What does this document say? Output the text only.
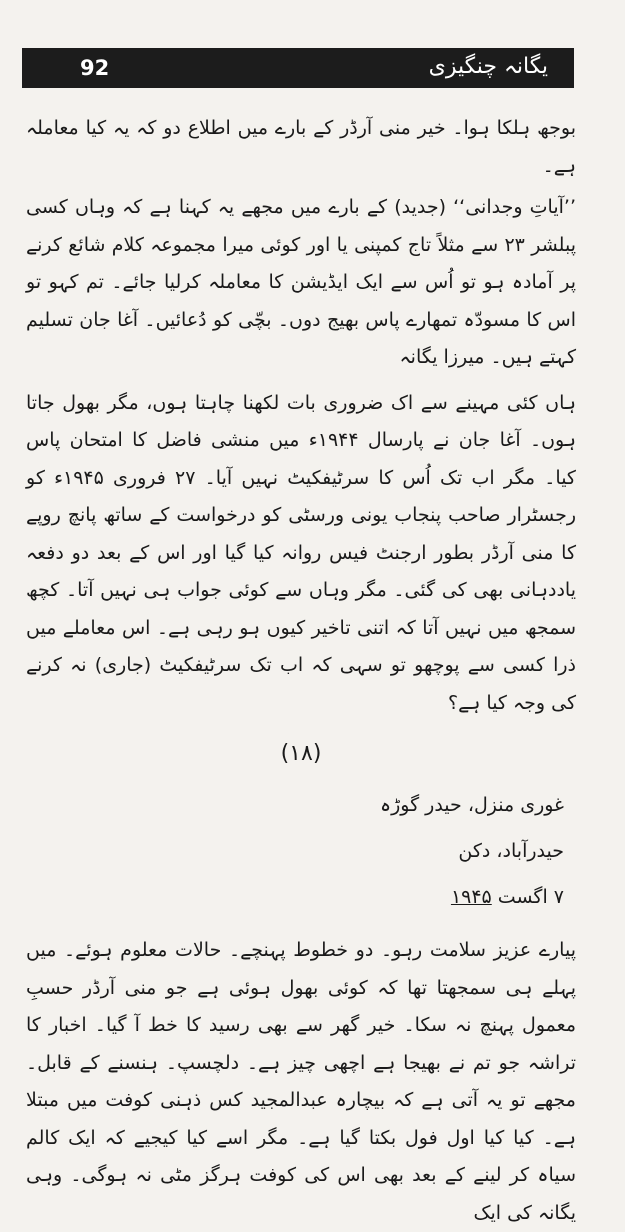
92	یگانہ چنگیزی

بوجھ ہلکا ہوا۔ خیر منی آرڈر کے بارے میں اطلاع دو کہ یہ کیا معاملہ ہے۔

’’آیاتِ وجدانی‘‘ (جدید) کے بارے میں مجھے یہ کہنا ہے کہ وہاں کسی پبلشر ۲۳ سے مثلاً تاج کمپنی یا اور کوئی میرا مجموعہ کلام شائع کرنے پر آمادہ ہو تو اُس سے ایک ایڈیشن کا معاملہ کرلیا جائے۔ تم کہو تو اس کا مسودّہ تمھارے پاس بھیج دوں۔ بچّی کو دُعائیں۔ آغا جان تسلیم کہتے ہیں۔ میرزا یگانہ

ہاں کئی مہینے سے اک ضروری بات لکھنا چاہتا ہوں، مگر بھول جاتا ہوں۔ آغا جان نے پارسال ۱۹۴۴ء میں منشی فاضل کا امتحان پاس کیا۔ مگر اب تک اُس کا سرٹیفکیٹ نہیں آیا۔ ۲۷ فروری ۱۹۴۵ء کو رجسٹرار صاحب پنجاب یونی ورسٹی کو درخواست کے ساتھ پانچ روپے کا منی آرڈر بطور ارجنٹ فیس روانہ کیا گیا اور اس کے بعد دو دفعہ یاددہانی بھی کی گئی۔ مگر وہاں سے کوئی جواب ہی نہیں آتا۔ کچھ سمجھ میں نہیں آتا کہ اتنی تاخیر کیوں ہو رہی ہے۔ اس معاملے میں ذرا کسی سے پوچھو تو سہی کہ اب تک سرٹیفکیٹ (جاری) نہ کرنے کی وجہ کیا ہے؟

(۱۸)
غوری منزل، حیدر گوڑہ
حیدرآباد، دکن
۷ اگست ۱۹۴۵

پیارے عزیز سلامت رہو۔ دو خطوط پہنچے۔ حالات معلوم ہوئے۔ میں پہلے ہی سمجھتا تھا کہ کوئی بھول ہوئی ہے جو منی آرڈر حسبِ معمول پہنچ نہ سکا۔ خیر گھر سے بھی رسید کا خط آ گیا۔ اخبار کا تراشہ جو تم نے بھیجا ہے اچھی چیز ہے۔ دلچسپ۔ ہنسنے کے قابل۔ مجھے تو یہ آتی ہے کہ بیچارہ عبدالمجید کس ذہنی کوفت میں مبتلا ہے۔ کیا کیا اول فول بکتا گیا ہے۔ مگر اسے کیا کیجیے کہ ایک کالم سیاہ کر لینے کے بعد بھی اس کی کوفت ہرگز مٹی نہ ہوگی۔ وہی یگانہ کی ایک
